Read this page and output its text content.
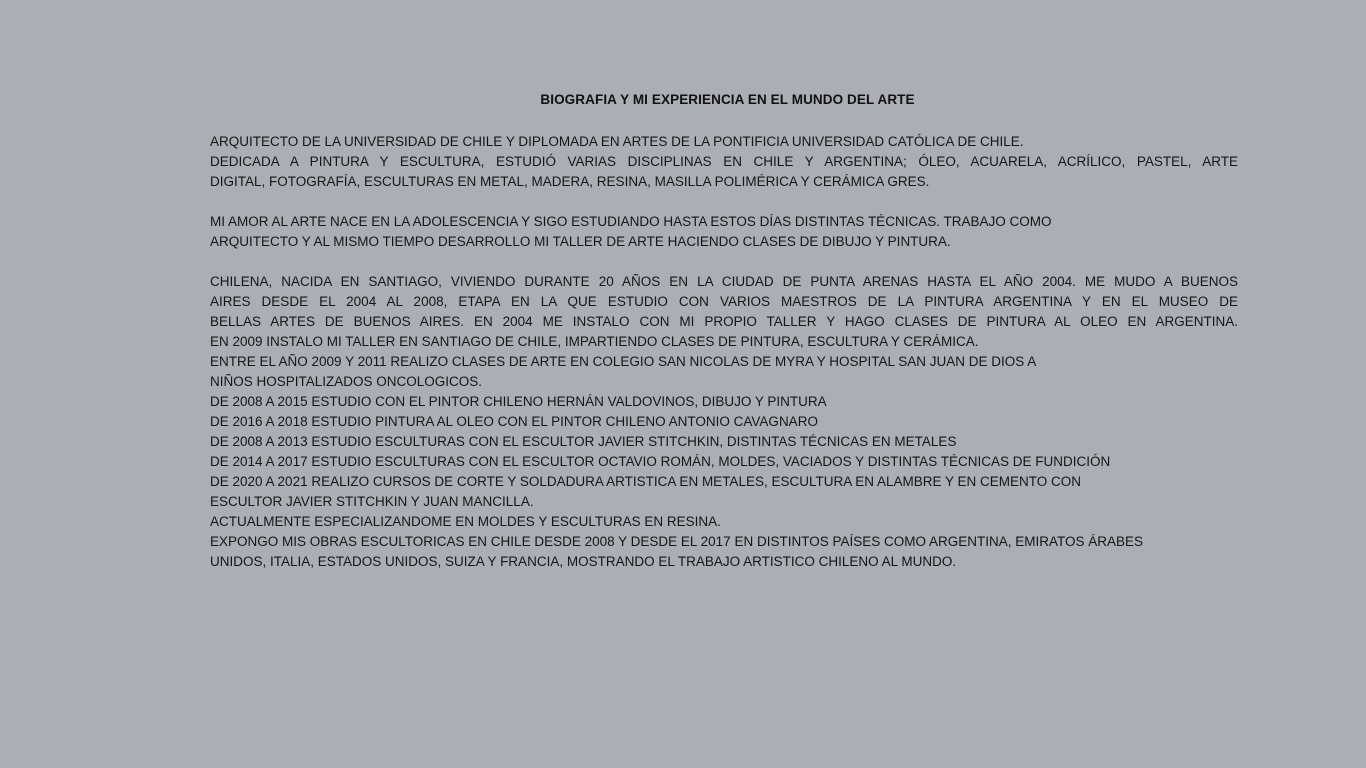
BIOGRAFIA Y MI EXPERIENCIA EN EL MUNDO DEL ARTE
ARQUITECTO DE LA UNIVERSIDAD DE CHILE Y DIPLOMADA EN ARTES DE LA PONTIFICIA UNIVERSIDAD CATÓLICA DE CHILE.
DEDICADA A PINTURA Y ESCULTURA, ESTUDIÓ VARIAS DISCIPLINAS EN CHILE Y ARGENTINA; ÓLEO, ACUARELA, ACRÍLICO, PASTEL, ARTE
DIGITAL, FOTOGRAFÍA, ESCULTURAS EN METAL, MADERA, RESINA, MASILLA POLIMÉRICA Y CERÁMICA GRES.
MI AMOR AL ARTE NACE EN LA ADOLESCENCIA Y SIGO ESTUDIANDO HASTA ESTOS DÍAS DISTINTAS TÉCNICAS. TRABAJO COMO
ARQUITECTO Y AL MISMO TIEMPO DESARROLLO MI TALLER DE ARTE HACIENDO CLASES DE DIBUJO Y PINTURA.
CHILENA, NACIDA EN SANTIAGO, VIVIENDO DURANTE 20 AÑOS EN LA CIUDAD DE PUNTA ARENAS HASTA EL AÑO 2004. ME MUDO A BUENOS
AIRES DESDE EL 2004 AL 2008, ETAPA EN LA QUE ESTUDIO CON VARIOS MAESTROS DE LA PINTURA ARGENTINA Y EN EL MUSEO DE
BELLAS ARTES DE BUENOS AIRES. EN 2004 ME INSTALO CON MI PROPIO TALLER Y HAGO CLASES DE PINTURA AL OLEO EN ARGENTINA.
EN 2009 INSTALO MI TALLER EN SANTIAGO DE CHILE, IMPARTIENDO CLASES DE PINTURA, ESCULTURA Y CERÁMICA.
ENTRE EL AÑO 2009 Y 2011 REALIZO CLASES DE ARTE EN COLEGIO SAN NICOLAS DE MYRA Y HOSPITAL SAN JUAN DE DIOS A
NIÑOS HOSPITALIZADOS ONCOLOGICOS.
DE 2008 A 2015 ESTUDIO CON EL PINTOR CHILENO HERNÁN VALDOVINOS, DIBUJO Y PINTURA
DE 2016 A 2018 ESTUDIO PINTURA AL OLEO CON EL PINTOR CHILENO ANTONIO CAVAGNARO
DE 2008 A 2013 ESTUDIO ESCULTURAS CON EL ESCULTOR JAVIER STITCHKIN, DISTINTAS TÉCNICAS EN METALES
DE 2014 A 2017 ESTUDIO ESCULTURAS CON EL ESCULTOR OCTAVIO ROMÁN, MOLDES, VACIADOS Y DISTINTAS TÉCNICAS DE FUNDICIÓN
DE 2020 A 2021 REALIZO CURSOS DE CORTE Y SOLDADURA ARTISTICA EN METALES, ESCULTURA EN ALAMBRE Y EN CEMENTO CON
ESCULTOR JAVIER STITCHKIN Y JUAN MANCILLA.
ACTUALMENTE ESPECIALIZANDOME EN MOLDES Y ESCULTURAS EN RESINA.
EXPONGO MIS OBRAS ESCULTORICAS EN CHILE DESDE 2008 Y DESDE EL 2017 EN DISTINTOS PAÍSES COMO ARGENTINA, EMIRATOS ÁRABES
UNIDOS, ITALIA, ESTADOS UNIDOS, SUIZA Y FRANCIA, MOSTRANDO EL TRABAJO ARTISTICO CHILENO AL MUNDO.
